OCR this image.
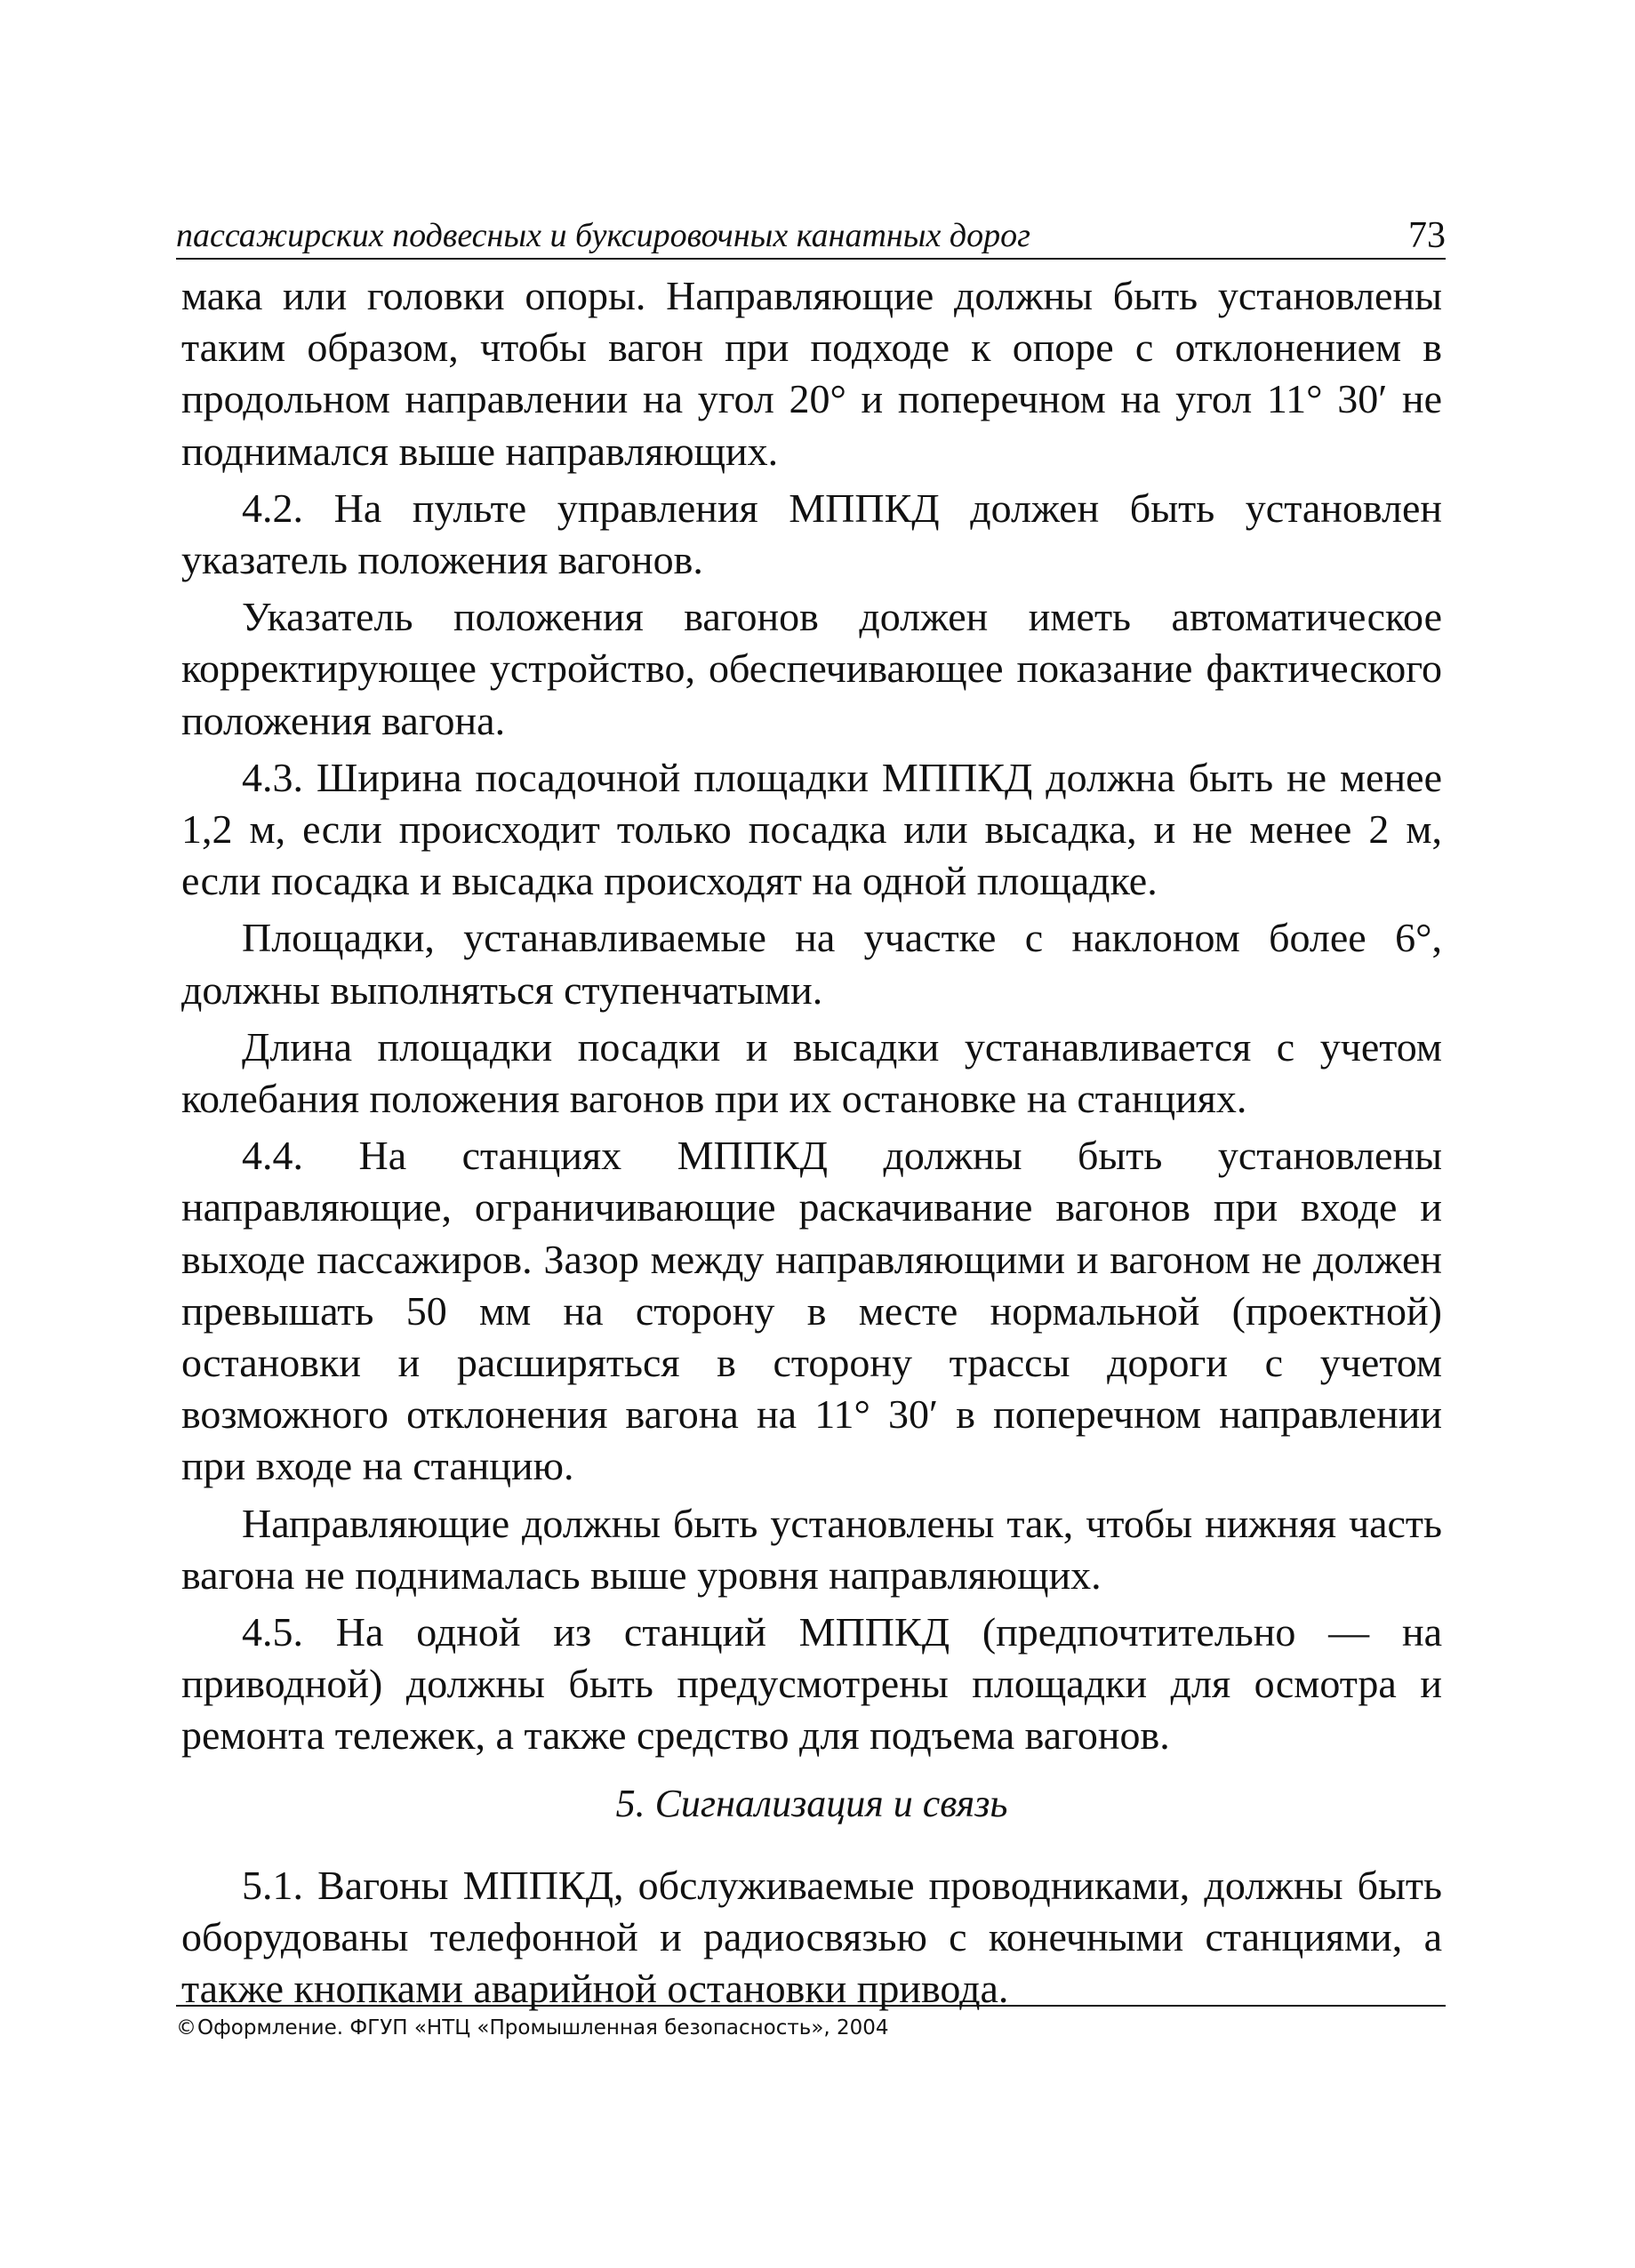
пассажирских подвесных и буксировочных канатных дорог	73

мака или головки опоры. Направляющие должны быть установлены таким образом, чтобы вагон при подходе к опоре с отклонением в продольном направлении на угол 20° и поперечном на угол 11° 30′ не поднимался выше направляющих.

4.2. На пульте управления МППКД должен быть установлен указатель положения вагонов.

Указатель положения вагонов должен иметь автоматическое корректирующее устройство, обеспечивающее показание фактического положения вагона.

4.3. Ширина посадочной площадки МППКД должна быть не менее 1,2 м, если происходит только посадка или высадка, и не менее 2 м, если посадка и высадка происходят на одной площадке.

Площадки, устанавливаемые на участке с наклоном более 6°, должны выполняться ступенчатыми.

Длина площадки посадки и высадки устанавливается с учетом колебания положения вагонов при их остановке на станциях.

4.4. На станциях МППКД должны быть установлены направляющие, ограничивающие раскачивание вагонов при входе и выходе пассажиров. Зазор между направляющими и вагоном не должен превышать 50 мм на сторону в месте нормальной (проектной) остановки и расширяться в сторону трассы дороги с учетом возможного отклонения вагона на 11° 30′ в поперечном направлении при входе на станцию.

Направляющие должны быть установлены так, чтобы нижняя часть вагона не поднималась выше уровня направляющих.

4.5. На одной из станций МППКД (предпочтительно — на приводной) должны быть предусмотрены площадки для осмотра и ремонта тележек, а также средство для подъема вагонов.

5. Сигнализация и связь

5.1. Вагоны МППКД, обслуживаемые проводниками, должны быть оборудованы телефонной и радиосвязью с конечными станциями, а также кнопками аварийной остановки привода.

©Оформление. ФГУП «НТЦ «Промышленная безопасность», 2004
